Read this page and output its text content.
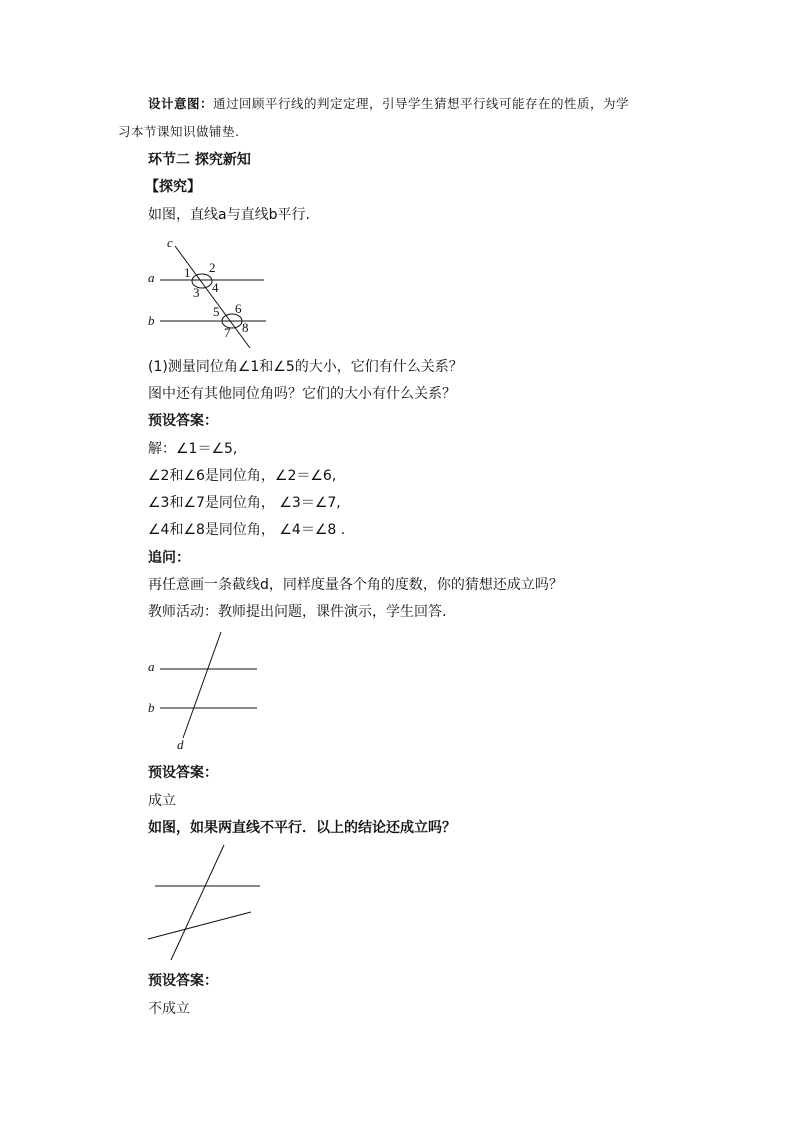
设计意图：通过回顾平行线的判定定理，引导学生猜想平行线可能存在的性质，为学
习本节课知识做铺垫.
环节二 探究新知
【探究】
如图，直线a与直线b平行.
c
a
b
1 2
3 4
5 6
7 8
(1)测量同位角∠1和∠5的大小，它们有什么关系？
图中还有其他同位角吗？它们的大小有什么关系？
预设答案：
解：∠1＝∠5,
∠2和∠6是同位角，∠2＝∠6,
∠3和∠7是同位角， ∠3＝∠7,
∠4和∠8是同位角， ∠4＝∠8 .
追问：
再任意画一条截线d，同样度量各个角的度数，你的猜想还成立吗？
教师活动：教师提出问题，课件演示，学生回答.
a
b
d
预设答案：
成立
如图，如果两直线不平行．以上的结论还成立吗？
预设答案：
不成立
